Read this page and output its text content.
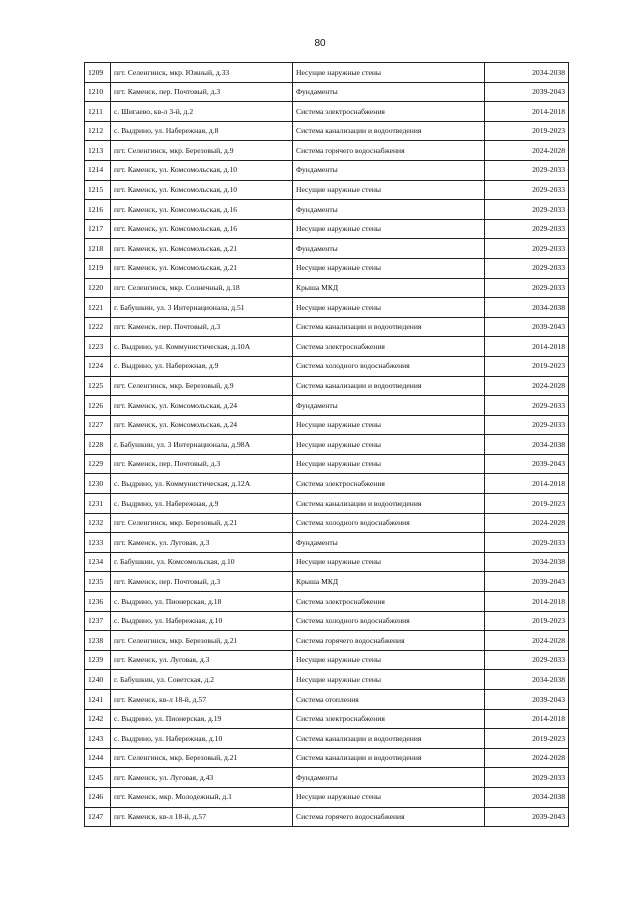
80
1209	пгт. Селенгинск, мкр. Южный, д.33	Несущие наружные стены	2034-2038
1210	пгт. Каменск, пер. Почтовый, д.3	Фундаменты	2039-2043
1211	с. Шигаево, кв-л 3-й, д.2	Система электроснабжения	2014-2018
1212	с. Выдрино, ул. Набережная, д.8	Система канализации и водоотведения	2019-2023
1213	пгт. Селенгинск, мкр. Березовый, д.9	Система горячего водоснабжения	2024-2028
1214	пгт. Каменск, ул. Комсомольская, д.10	Фундаменты	2029-2033
1215	пгт. Каменск, ул. Комсомольская, д.10	Несущие наружные стены	2029-2033
1216	пгт. Каменск, ул. Комсомольская, д.16	Фундаменты	2029-2033
1217	пгт. Каменск, ул. Комсомольская, д.16	Несущие наружные стены	2029-2033
1218	пгт. Каменск, ул. Комсомольская, д.21	Фундаменты	2029-2033
1219	пгт. Каменск, ул. Комсомольская, д.21	Несущие наружные стены	2029-2033
1220	пгт. Селенгинск, мкр. Солнечный, д.18	Крыша МКД	2029-2033
1221	г. Бабушкин, ул. 3 Интернационала, д.51	Несущие наружные стены	2034-2038
1222	пгт. Каменск, пер. Почтовый, д.3	Система канализации и водоотведения	2039-2043
1223	с. Выдрино, ул. Коммунистическая, д.10А	Система электроснабжения	2014-2018
1224	с. Выдрино, ул. Набережная, д.9	Система холодного водоснабжения	2019-2023
1225	пгт. Селенгинск, мкр. Березовый, д.9	Система канализации и водоотведения	2024-2028
1226	пгт. Каменск, ул. Комсомольская, д.24	Фундаменты	2029-2033
1227	пгт. Каменск, ул. Комсомольская, д.24	Несущие наружные стены	2029-2033
1228	г. Бабушкин, ул. 3 Интернационала, д.98А	Несущие наружные стены	2034-2038
1229	пгт. Каменск, пер. Почтовый, д.3	Несущие наружные стены	2039-2043
1230	с. Выдрино, ул. Коммунистическая, д.12А	Система электроснабжения	2014-2018
1231	с. Выдрино, ул. Набережная, д.9	Система канализации и водоотведения	2019-2023
1232	пгт. Селенгинск, мкр. Березовый, д.21	Система холодного водоснабжения	2024-2028
1233	пгт. Каменск, ул. Луговая, д.3	Фундаменты	2029-2033
1234	г. Бабушкин, ул. Комсомольская, д.10	Несущие наружные стены	2034-2038
1235	пгт. Каменск, пер. Почтовый, д.3	Крыша МКД	2039-2043
1236	с. Выдрино, ул. Пионерская, д.18	Система электроснабжения	2014-2018
1237	с. Выдрино, ул. Набережная, д.10	Система холодного водоснабжения	2019-2023
1238	пгт. Селенгинск, мкр. Березовый, д.21	Система горячего водоснабжения	2024-2028
1239	пгт. Каменск, ул. Луговая, д.3	Несущие наружные стены	2029-2033
1240	г. Бабушкин, ул. Советская, д.2	Несущие наружные стены	2034-2038
1241	пгт. Каменск, кв-л 18-й, д.57	Система отопления	2039-2043
1242	с. Выдрино, ул. Пионерская, д.19	Система электроснабжения	2014-2018
1243	с. Выдрино, ул. Набережная, д.10	Система канализации и водоотведения	2019-2023
1244	пгт. Селенгинск, мкр. Березовый, д.21	Система канализации и водоотведения	2024-2028
1245	пгт. Каменск, ул. Луговая, д.43	Фундаменты	2029-2033
1246	пгт. Каменск, мкр. Молодежный, д.1	Несущие наружные стены	2034-2038
1247	пгт. Каменск, кв-л 18-й, д.57	Система горячего водоснабжения	2039-2043
